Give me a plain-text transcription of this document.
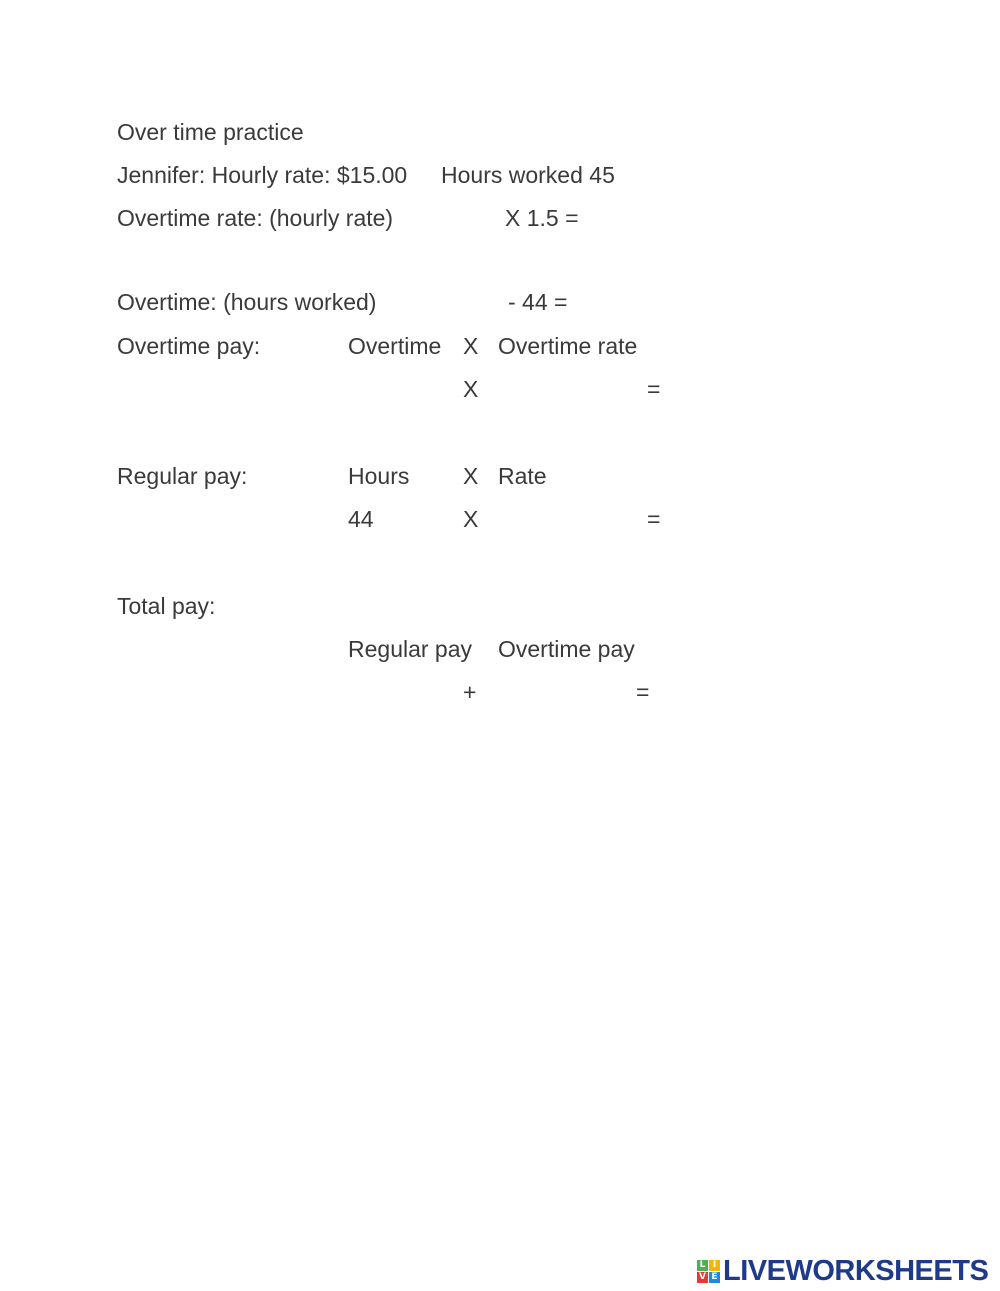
Over time practice
Jennifer: Hourly rate: $15.00 Hours worked 45
Overtime rate: (hourly rate)	X 1.5 =
Overtime: (hours worked)	- 44 =
Overtime pay:	Overtime X Overtime rate
X	=
Regular pay:	Hours X Rate
44	X	=
Total pay:
Regular pay Overtime pay
+	=
L I
V E LIVEWORKSHEETS
